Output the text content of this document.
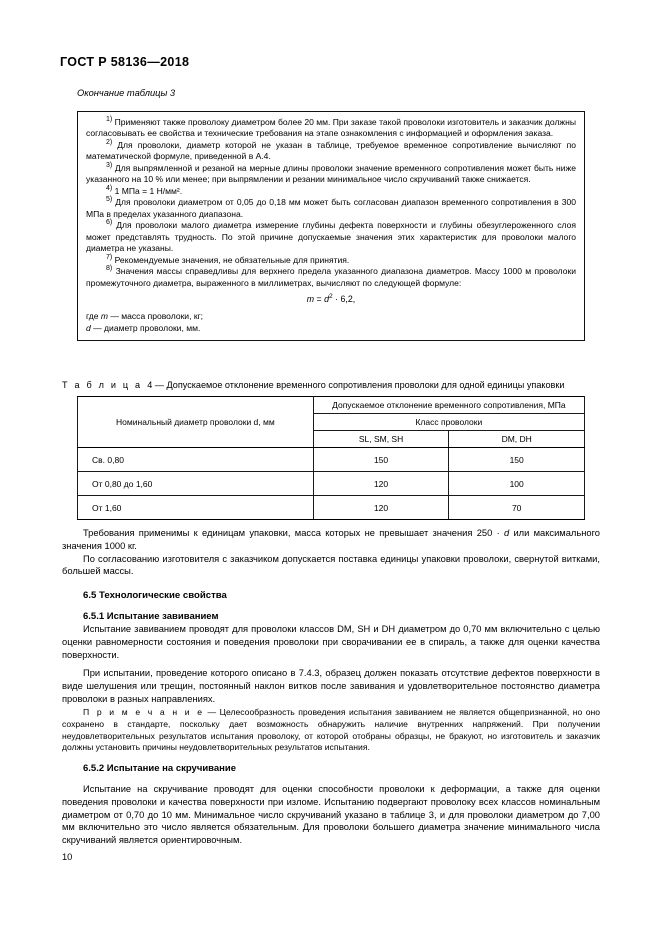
ГОСТ Р 58136—2018
Окончание таблицы 3

$^{1)}$ Применяют также проволоку диаметром более 20 мм. При заказе такой проволоки изготовитель и заказчик должны согласовывать ее свойства и технические требования на этапе ознакомления с информацией и оформления заказа.

$^{2)}$ Для проволоки, диаметр которой не указан в таблице, требуемое временное сопротивление вычисляют по математической формуле, приведенной в А.4.

$^{3)}$ Для выпрямленной и резаной на мерные длины проволоки значение временного сопротивления может быть ниже указанного на 10 % или менее; при выпрямлении и резании минимальное число скручиваний также снижается.

$^{4)}$ 1 МПа = 1 Н/мм².

$^{5)}$ Для проволоки диаметром от 0,05 до 0,18 мм может быть согласован диапазон временного сопротивления в 300 МПа в пределах указанного диапазона.

$^{6)}$ Для проволоки малого диаметра измерение глубины дефекта поверхности и глубины обезуглероженного слоя может представлять трудность. По этой причине допускаемые значения этих характеристик для проволоки малого диаметра не указаны.

$^{7)}$ Рекомендуемые значения, не обязательные для принятия.

$^{8)}$ Значения массы справедливы для верхнего предела указанного диапазона диаметров. Массу 1000 м проволоки промежуточного диаметра, выраженного в миллиметрах, вычисляют по следующей формуле:

$m = d^2 \cdot 6,2$,

где m — масса проволоки, кг;

d — диаметр проволоки, мм.

Т а б л и ц а 4 — Допускаемое отклонение временного сопротивления проволоки для одной единицы упаковки
Номинальный диаметр проволоки d, мм	Допускаемое отклонение временного сопротивления, МПа	
	Класс проволоки	
	SL, SM, SH	DM, DH
Св. 0,80	150	150
От 0,80 до 1,60	120	100
От 1,60	120	70

Требования применимы к единицам упаковки, масса которых не превышает значения 250 · d или максимального значения 1000 кг.

По согласованию изготовителя с заказчиком допускается поставка единицы упаковки проволоки, свернутой витками, большей массы.

6.5 Технологические свойства

6.5.1 Испытание завиванием

Испытание завиванием проводят для проволоки классов DM, SH и DH диаметром до 0,70 мм включительно с целью оценки равномерности состояния и поведения проволоки при сворачивании ее в спираль, а также для оценки качества поверхности.

При испытании, проведение которого описано в 7.4.3, образец должен показать отсутствие дефектов поверхности в виде шелушения или трещин, постоянный наклон витков после завивания и удовлетворительное постоянство диаметра проволоки в разных направлениях.

П р и м е ч а н и е — Целесообразность проведения испытания завиванием не является общепризнанной, но оно сохранено в стандарте, поскольку дает возможность обнаружить наличие внутренних напряжений. При получении неудовлетворительных результатов испытания проволоку, от которой отобраны образцы, не бракуют, но изготовитель и заказчик должны установить причины неудовлетворительных результатов испытания.

6.5.2 Испытание на скручивание

Испытание на скручивание проводят для оценки способности проволоки к деформации, а также для оценки поведения проволоки и качества поверхности при изломе. Испытанию подвергают проволоку всех классов номинальным диаметром от 0,70 до 10 мм. Минимальное число скручиваний указано в таблице 3, и для проволоки диаметром до 7,00 мм включительно это число является обязательным. Для проволоки большего диаметра значение минимального числа скручиваний является ориентировочным.

10
